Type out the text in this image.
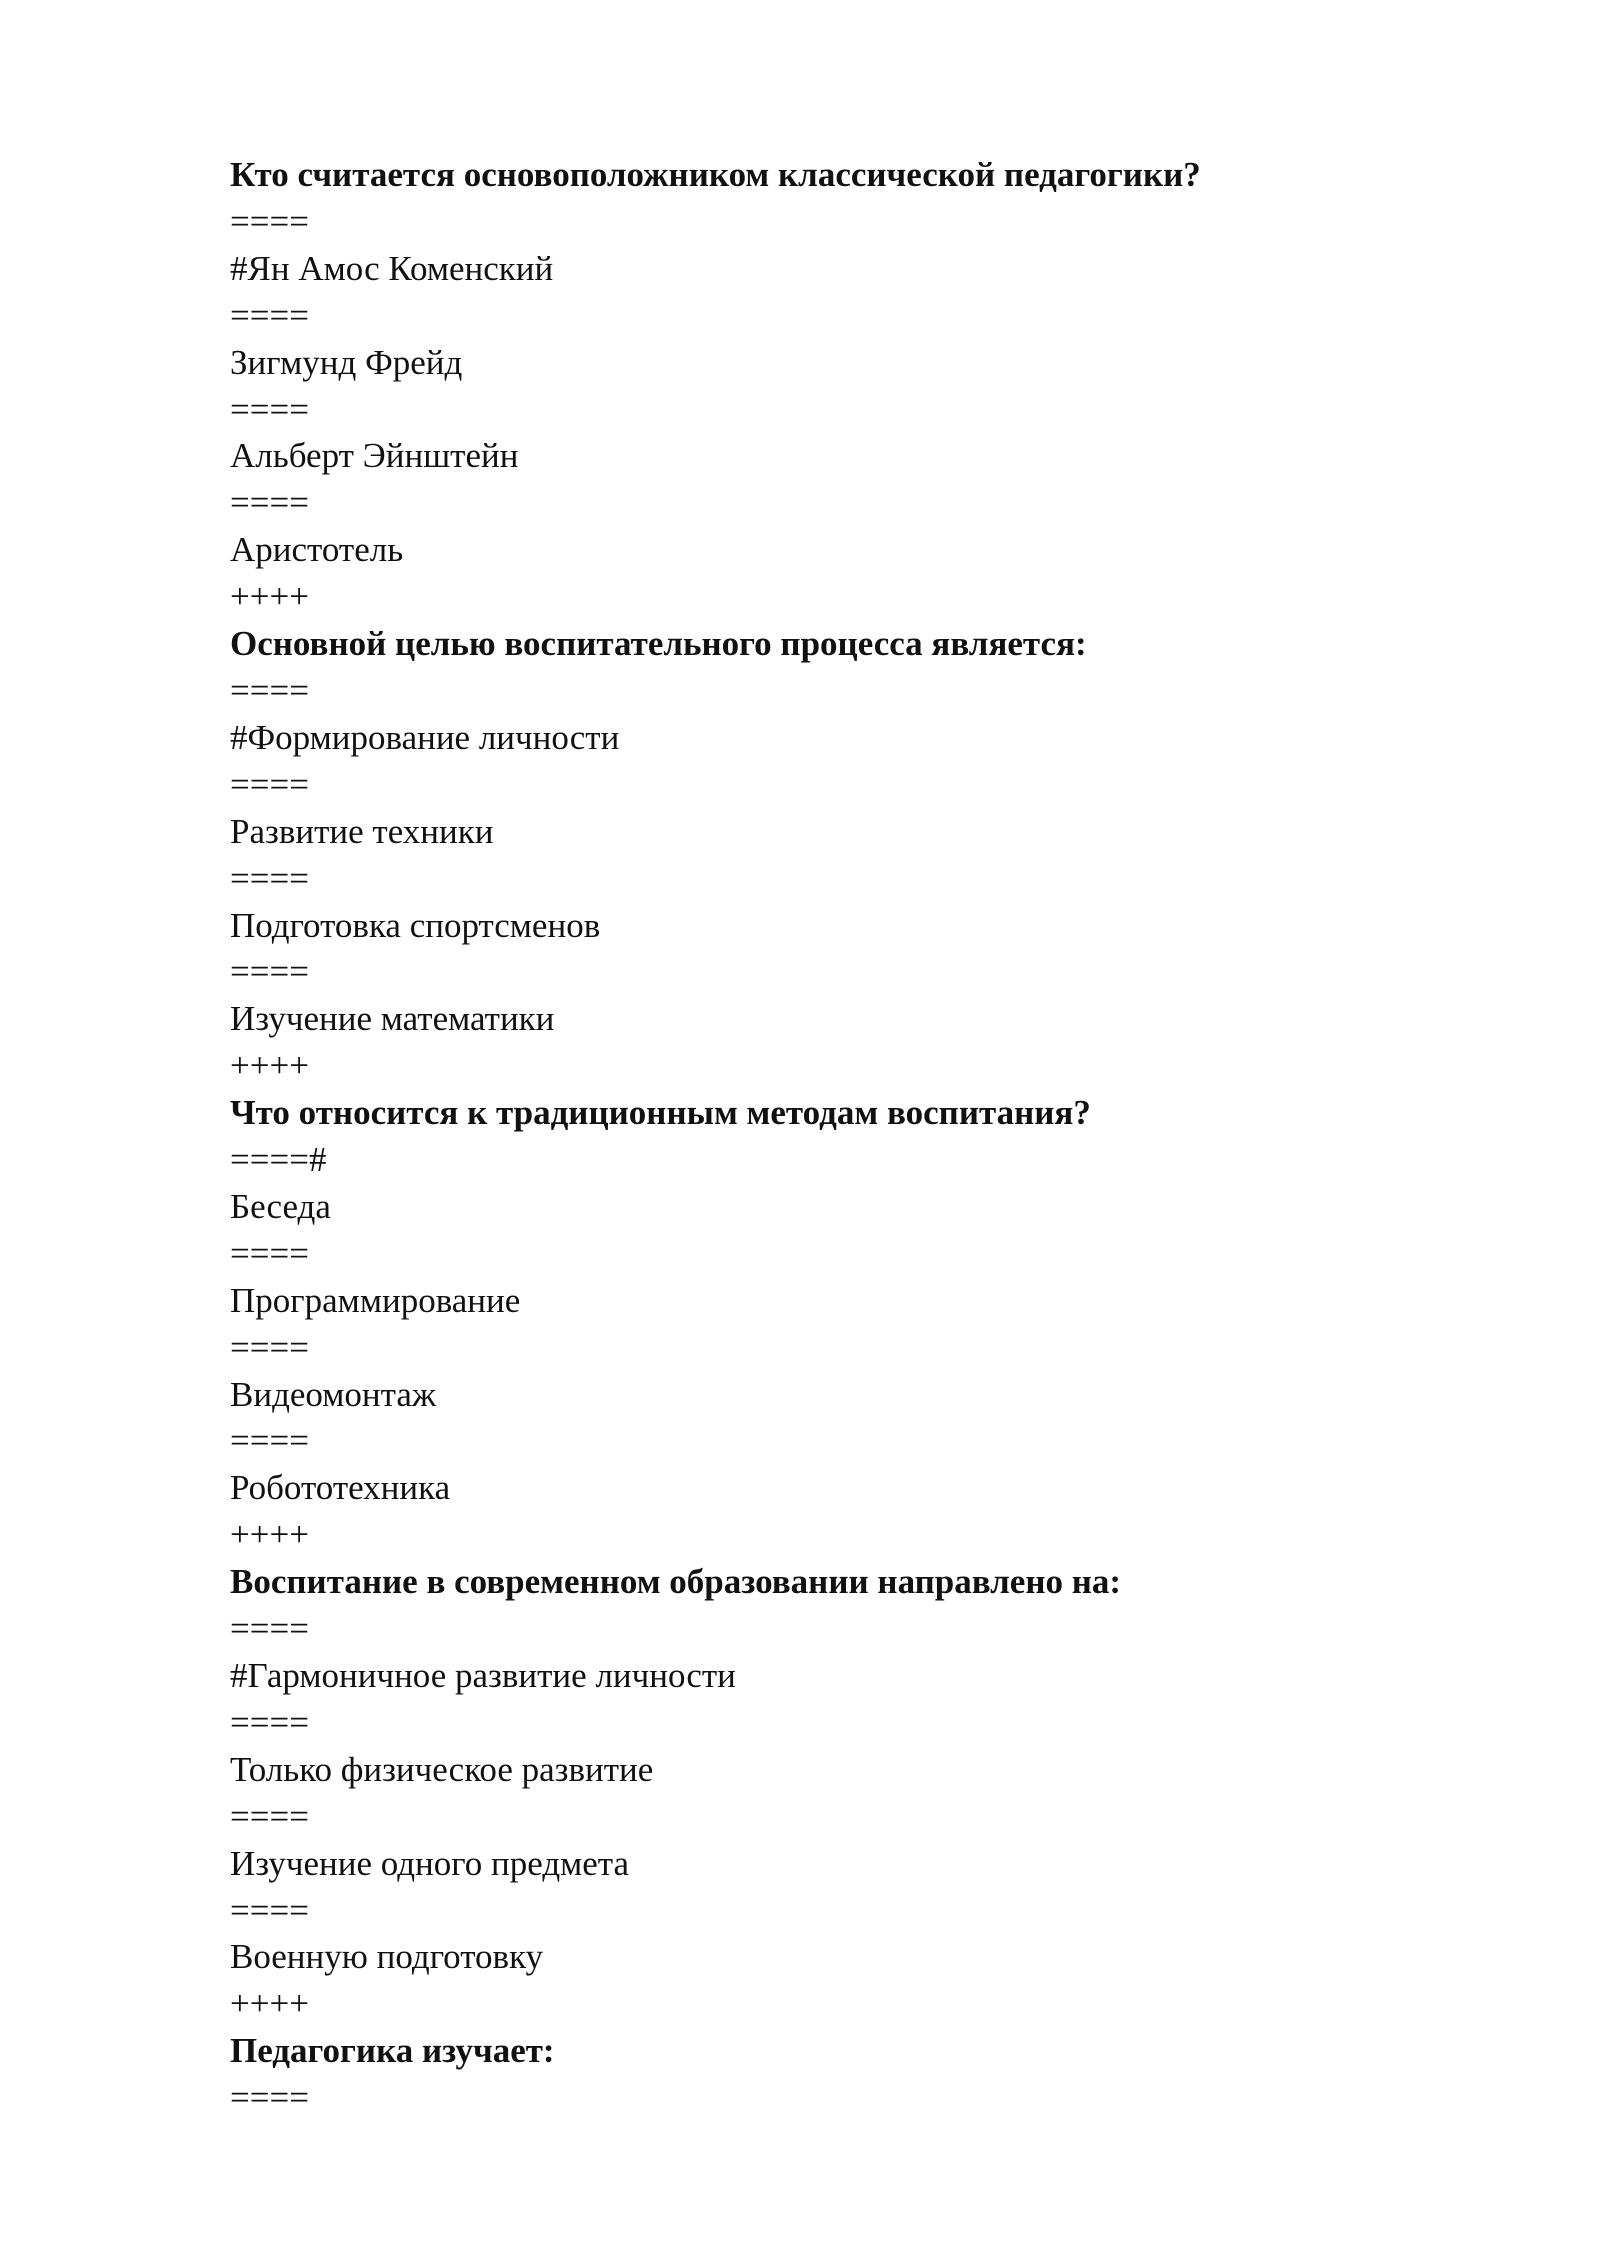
Кто считается основоположником классической педагогики?

====

#Ян Амос Коменский

====

Зигмунд Фрейд

====

Альберт Эйнштейн

====

Аристотель

++++

Основной целью воспитательного процесса является:

====

#Формирование личности

====

Развитие техники

====

Подготовка спортсменов

====

Изучение математики

++++

Что относится к традиционным методам воспитания?

====#

Беседа

====

Программирование

====

Видеомонтаж

====

Робототехника

++++

Воспитание в современном образовании направлено на:

====

#Гармоничное развитие личности

====

Только физическое развитие

====

Изучение одного предмета

====

Военную подготовку

++++

Педагогика изучает:

====
